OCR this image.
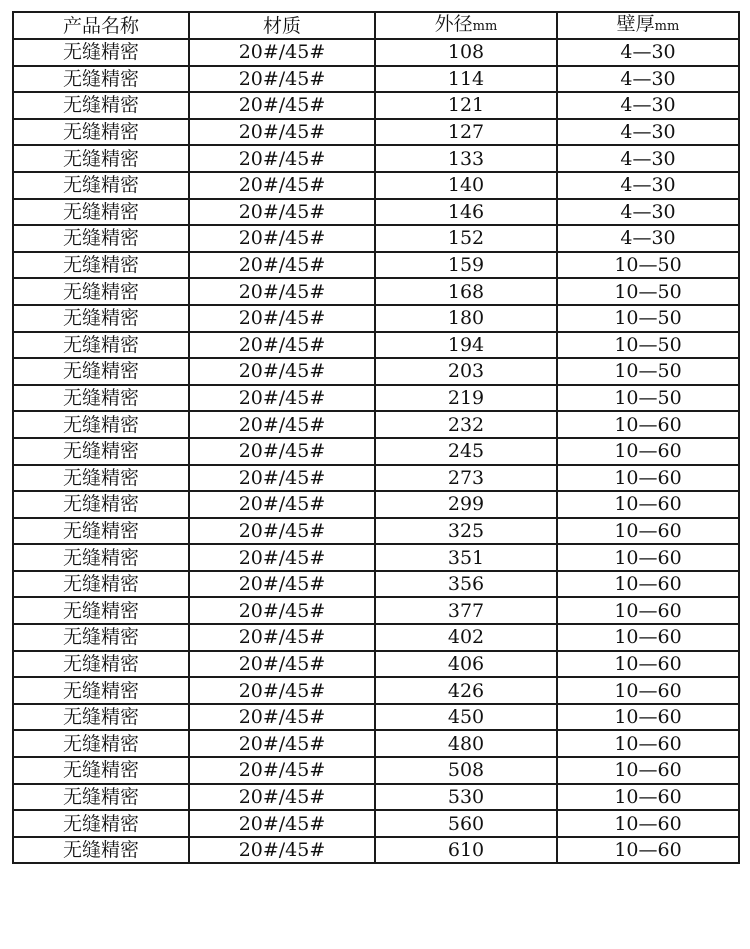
产品名称	材质	外径mm	壁厚mm
无缝精密	20#/45#	108	4—30
无缝精密	20#/45#	114	4—30
无缝精密	20#/45#	121	4—30
无缝精密	20#/45#	127	4—30
无缝精密	20#/45#	133	4—30
无缝精密	20#/45#	140	4—30
无缝精密	20#/45#	146	4—30
无缝精密	20#/45#	152	4—30
无缝精密	20#/45#	159	10—50
无缝精密	20#/45#	168	10—50
无缝精密	20#/45#	180	10—50
无缝精密	20#/45#	194	10—50
无缝精密	20#/45#	203	10—50
无缝精密	20#/45#	219	10—50
无缝精密	20#/45#	232	10—60
无缝精密	20#/45#	245	10—60
无缝精密	20#/45#	273	10—60
无缝精密	20#/45#	299	10—60
无缝精密	20#/45#	325	10—60
无缝精密	20#/45#	351	10—60
无缝精密	20#/45#	356	10—60
无缝精密	20#/45#	377	10—60
无缝精密	20#/45#	402	10—60
无缝精密	20#/45#	406	10—60
无缝精密	20#/45#	426	10—60
无缝精密	20#/45#	450	10—60
无缝精密	20#/45#	480	10—60
无缝精密	20#/45#	508	10—60
无缝精密	20#/45#	530	10—60
无缝精密	20#/45#	560	10—60
无缝精密	20#/45#	610	10—60
